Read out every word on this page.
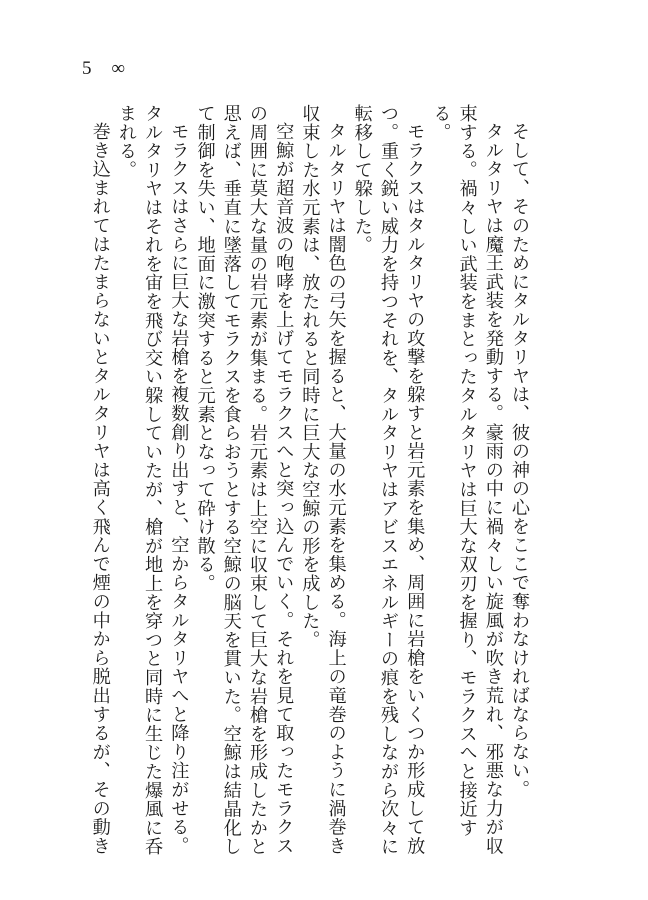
5 ∞

そして、そのためにタルタリヤは、彼の神の心をここで奪わなければならない。

タルタリヤは魔王武装を発動する。豪雨の中に禍々しい旋風が吹き荒れ、邪悪な力が収束する。禍々しい武装をまとったタルタリヤは巨大な双刃を握り、モラクスへと接近する。

モラクスはタルタリヤの攻撃を躱すと岩元素を集め、周囲に岩槍をいくつか形成して放つ。重く鋭い威力を持つそれを、タルタリヤはアビスエネルギーの痕を残しながら次々に転移して躱した。

タルタリヤは闇色の弓矢を握ると、大量の水元素を集める。海上の竜巻のように渦巻き収束した水元素は、放たれると同時に巨大な空鯨の形を成した。

空鯨が超音波の咆哮を上げてモラクスへと突っ込んでいく。それを見て取ったモラクスの周囲に莫大な量の岩元素が集まる。岩元素は上空に収束して巨大な岩槍を形成したかと思えば、垂直に墜落してモラクスを食らおうとする空鯨の脳天を貫いた。空鯨は結晶化して制御を失い、地面に激突すると元素となって砕け散る。

モラクスはさらに巨大な岩槍を複数創り出すと、空からタルタリヤへと降り注がせる。タルタリヤはそれを宙を飛び交い躱していたが、槍が地上を穿つと同時に生じた爆風に呑まれる。

巻き込まれてはたまらないとタルタリヤは高く飛んで煙の中から脱出するが、その動き
